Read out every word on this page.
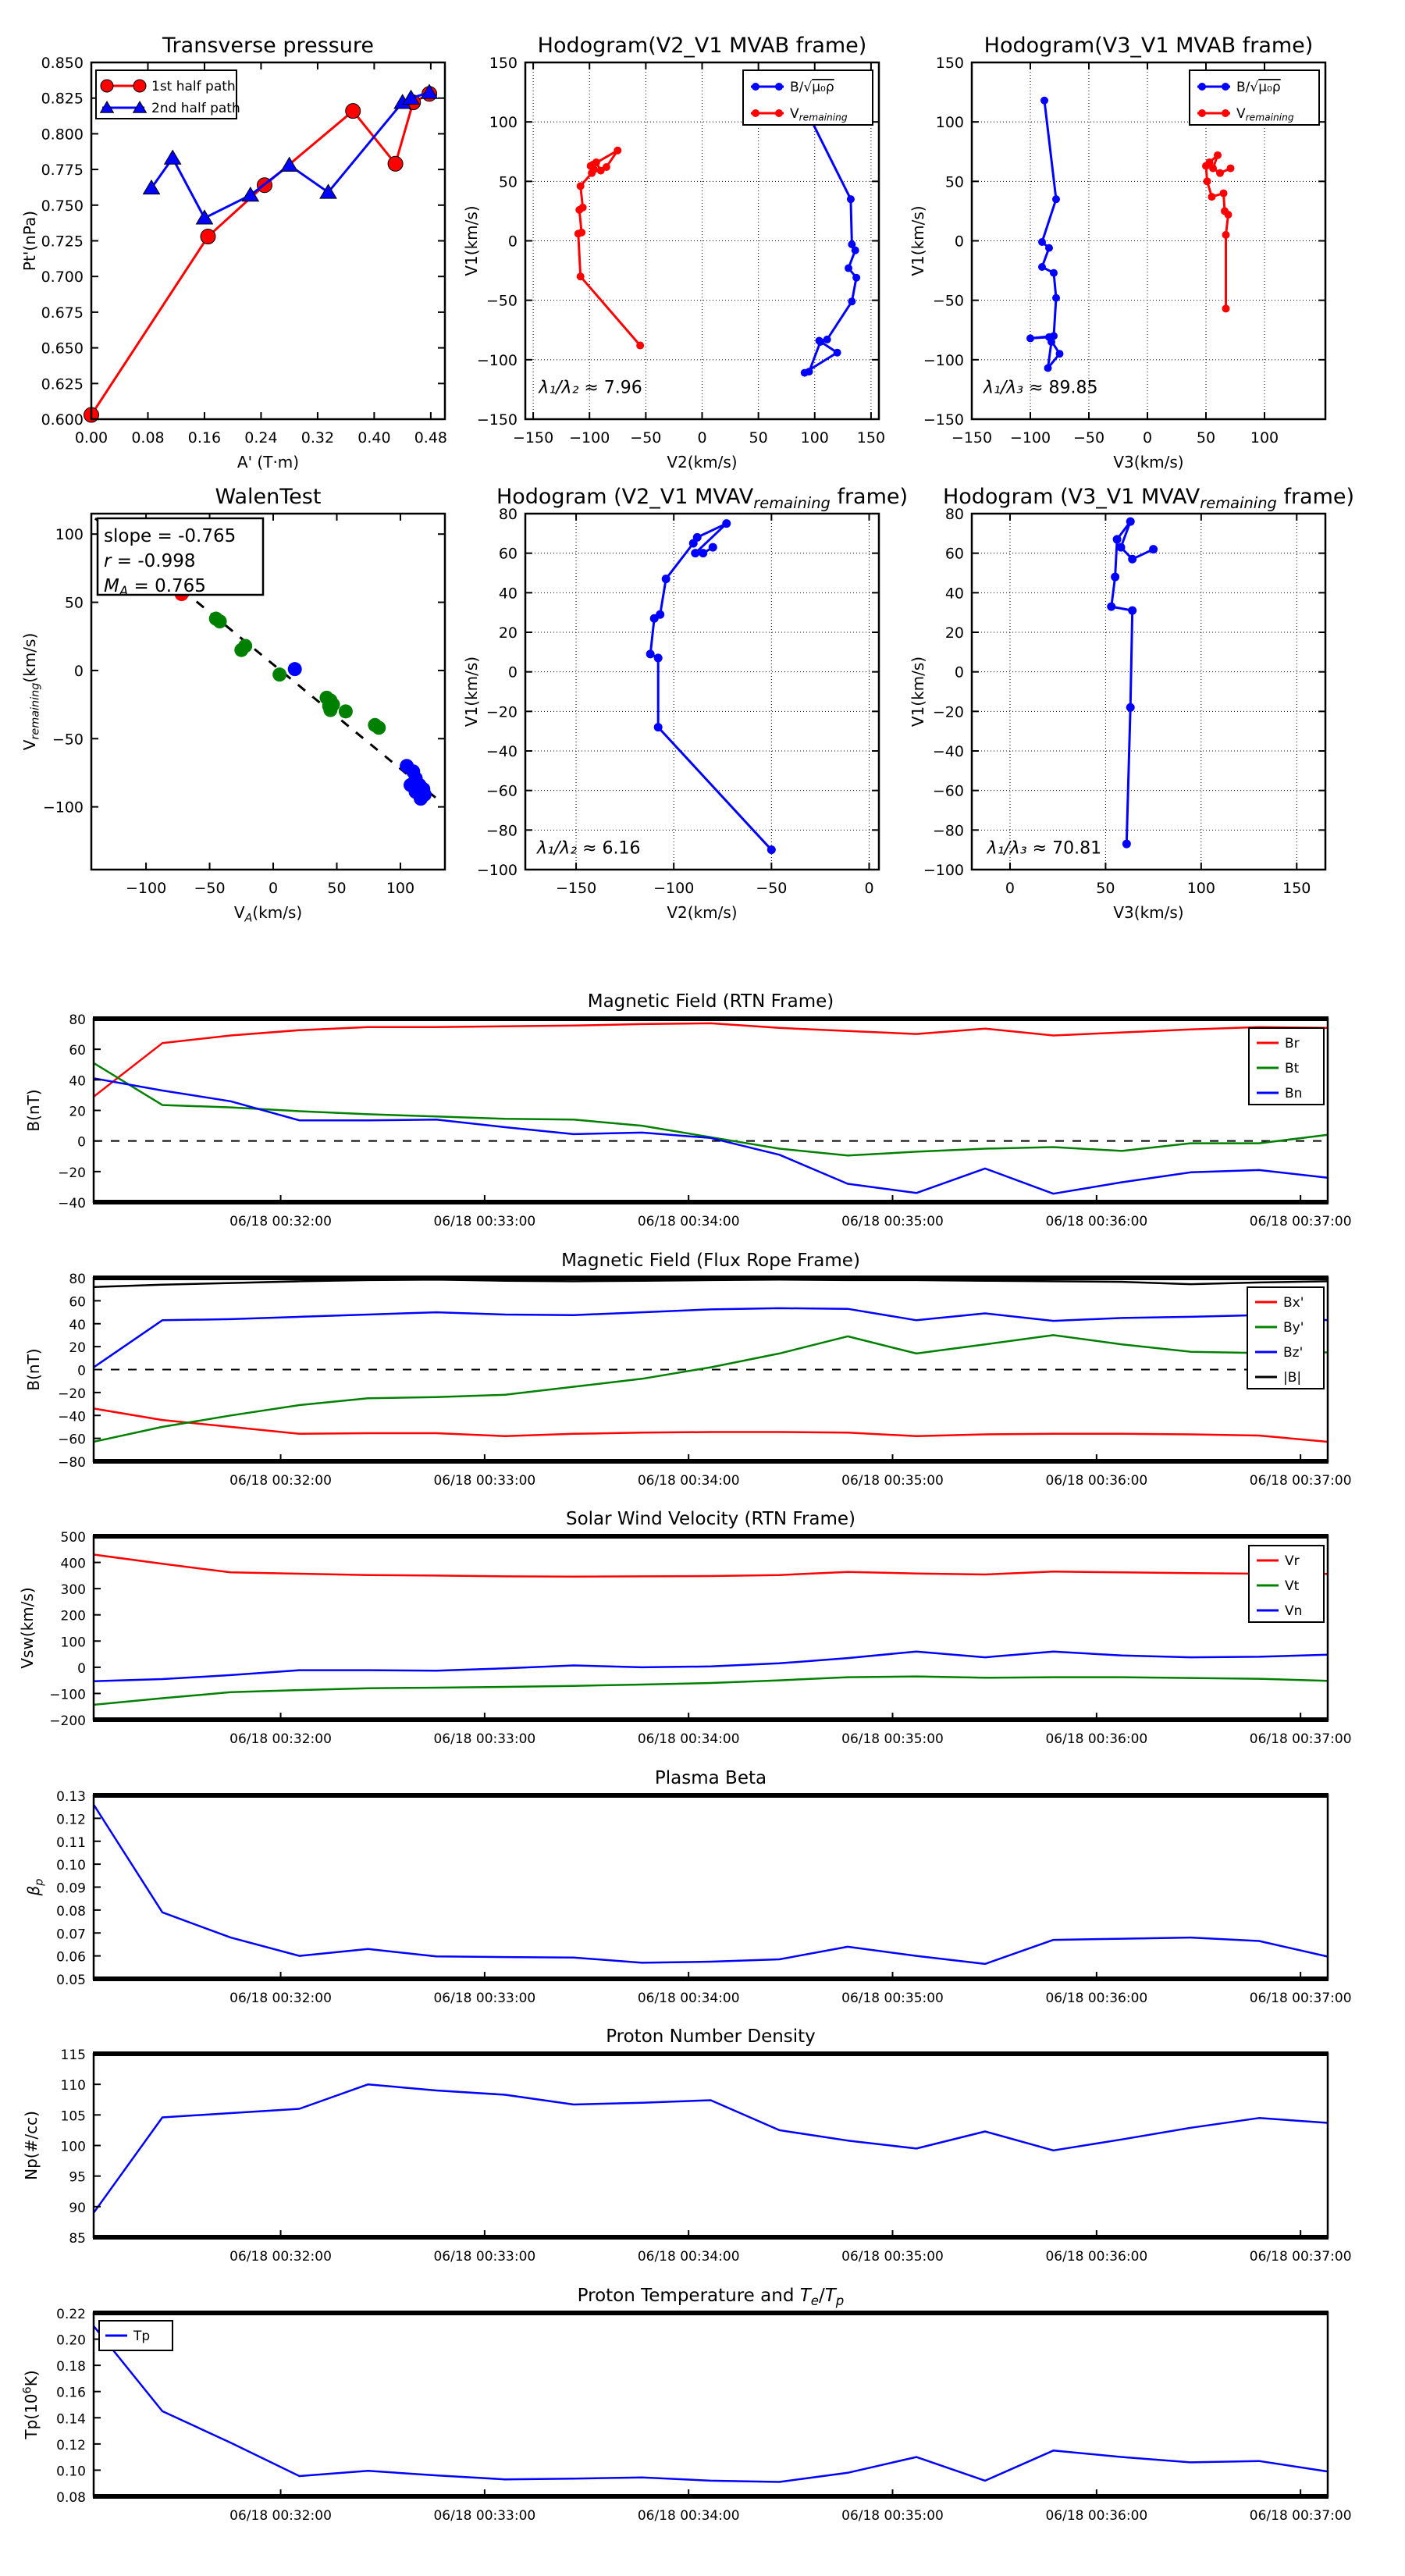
0.00 0.08 0.16 0.24 0.32 0.40 0.48
0.600
0.625
0.650
0.675
0.700
0.725
0.750
0.775
0.800
0.825
0.850
Transverse pressure
A' (T·m)
Pt'(nPa)
1st half path
2nd half path
−150 −100 −50 0	50 100 150
150
100
50
0
−50
−100
−150
Hodogram(V2_V1 MVAB frame)
V2(km/s)
V1(km/s)
λ₁/λ₂ ≈ 7.96
B/√μ₀ρ
$V_{remaining}$
−150 −100 −50	0	50 100
150
100
50
0
−50
−100
−150
Hodogram(V3_V1 MVAB frame)
V3(km/s)
V1(km/s)
λ₁/λ₃ ≈ 89.85
B/√μ₀ρ
$V_{remaining}$
−100 −50	0	50	100
100
50
0
−50
−100
WalenTest
$V_A(km/s)$
$V_{remaining}(km/s)$
slope = -0.765
r = -0.998
$M_A = 0.765$
−150	−100	−50	0
80
60
40
20
0
−20
−40
−60
−80
−100
Hodogram (V2_V1 $MVAV_{remaining}$ frame)
V2(km/s)
V1(km/s)
λ₁/λ₂ ≈ 6.16
0	50	100	150
80
60
40
20
0
−20
−40
−60
−80
−100
Hodogram (V3_V1 $MVAV_{remaining}$ frame)
V3(km/s)
V1(km/s)
λ₁/λ₃ ≈ 70.81
06/18 00:32:00	06/18 00:33:00	06/18 00:34:00	06/18 00:35:00	06/18 00:36:00	06/18 00:37:00
−40
−20
0
20
40
60
80
Magnetic Field (RTN Frame)
B(nT)
Br
Bt
Bn
06/18 00:32:00	06/18 00:33:00	06/18 00:34:00	06/18 00:35:00	06/18 00:36:00	06/18 00:37:00
−80
−60
−40
−20
0
20
40
60
80
Magnetic Field (Flux Rope Frame)
B(nT)
Bx'
By'
Bz'
|B|
06/18 00:32:00	06/18 00:33:00	06/18 00:34:00	06/18 00:35:00	06/18 00:36:00	06/18 00:37:00
−200
−100
0
100
200
300
400
500
Solar Wind Velocity (RTN Frame)
Vsw(km/s)
Vr
Vt
Vn
06/18 00:32:00	06/18 00:33:00	06/18 00:34:00	06/18 00:35:00	06/18 00:36:00	06/18 00:37:00
0.05
0.06
0.07
0.08
0.09
0.10
0.11
0.12
0.13
Plasma Beta
$\beta_p$
06/18 00:32:00	06/18 00:33:00	06/18 00:34:00	06/18 00:35:00	06/18 00:36:00	06/18 00:37:00
85
90
95
100
105
110
115
Proton Number Density
Np(#/cc)
06/18 00:32:00	06/18 00:33:00	06/18 00:34:00	06/18 00:35:00	06/18 00:36:00	06/18 00:37:00
0.08
0.10
0.12
0.14
0.16
0.18
0.20
0.22
Proton Temperature and $T_e/T_p$
$Tp(10^6K)$
Tp
